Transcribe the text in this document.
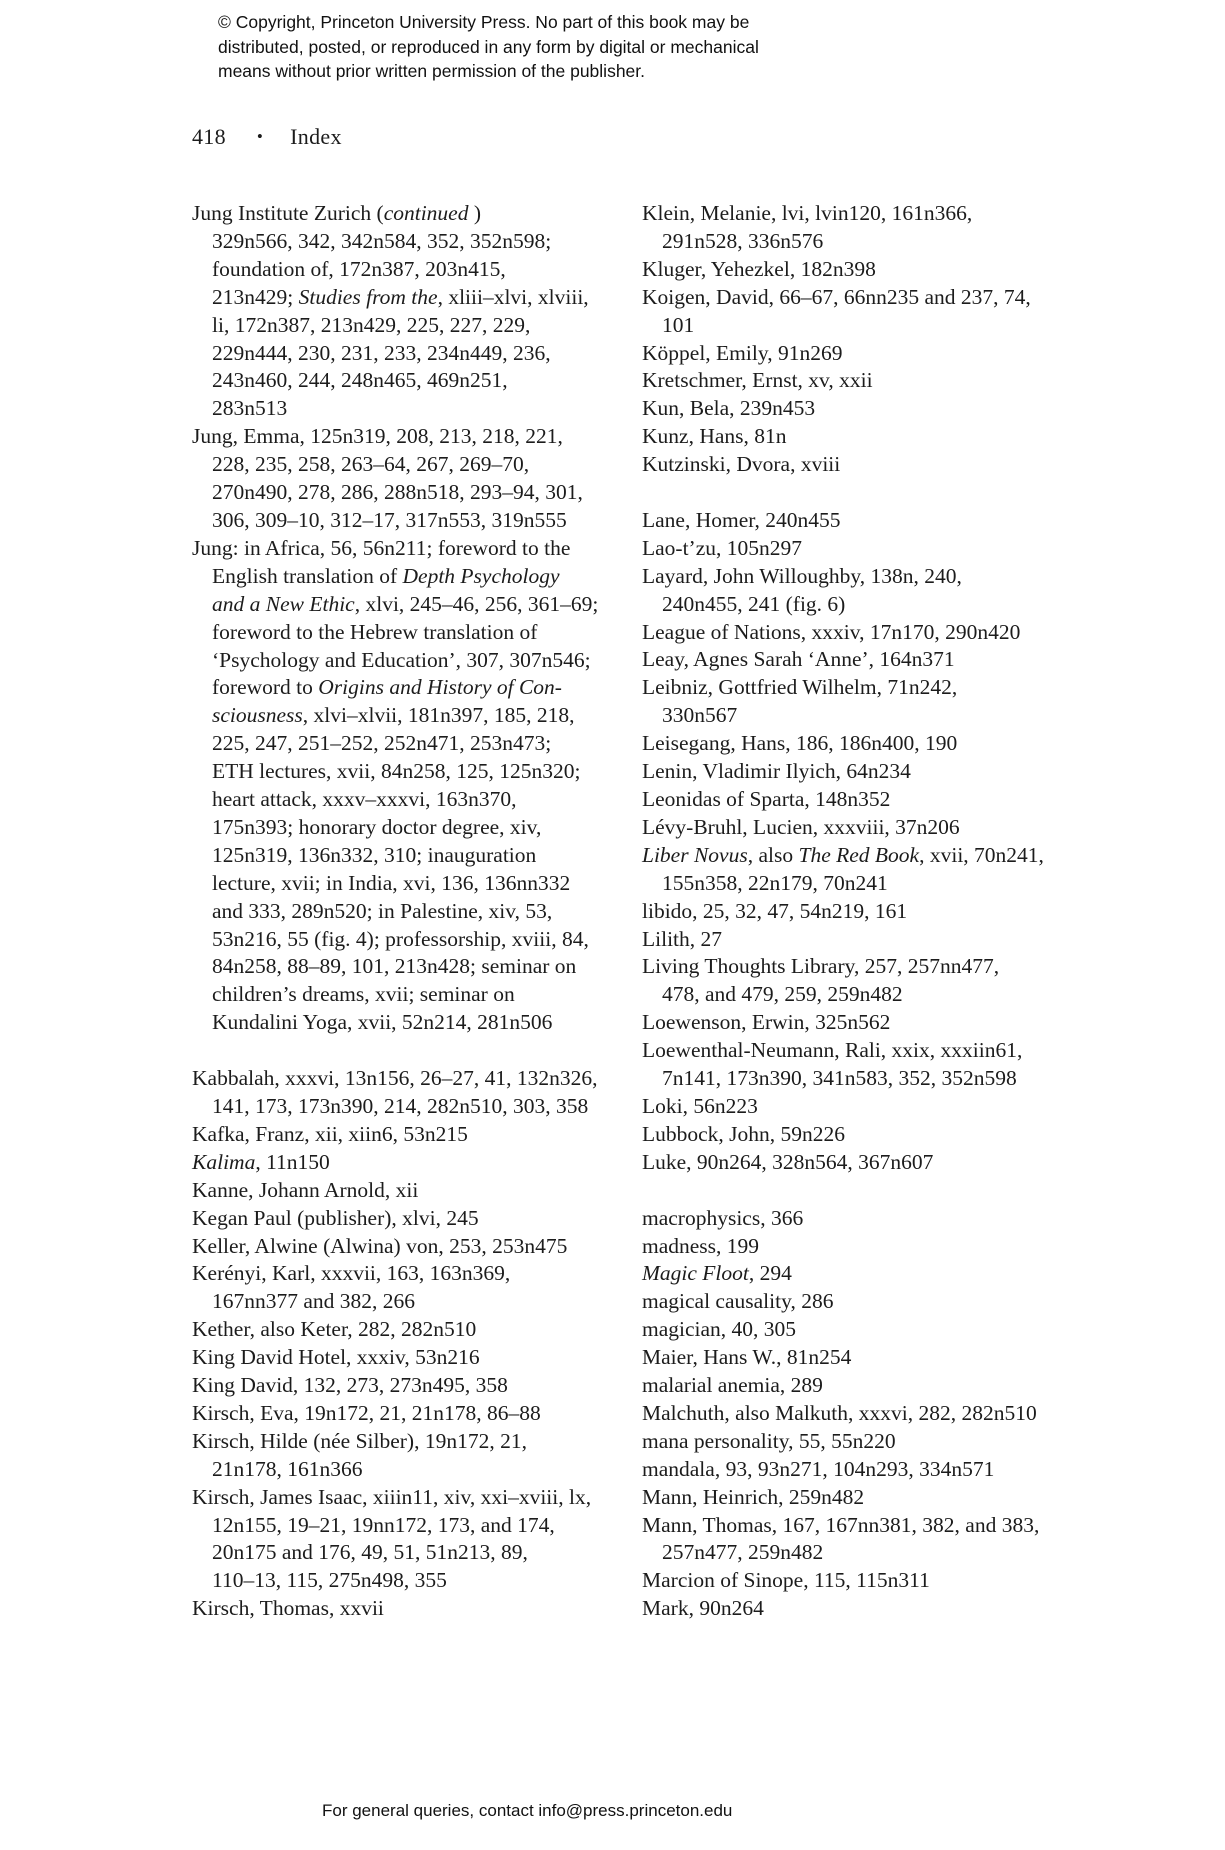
© Copyright, Princeton University Press. No part of this book may be
distributed, posted, or reproduced in any form by digital or mechanical
means without prior written permission of the publisher.
418 • Index
Jung Institute Zurich (continued )
329n566, 342, 342n584, 352, 352n598;
foundation of, 172n387, 203n415,
213n429; Studies from the, xliii–xlvi, xlviii,
li, 172n387, 213n429, 225, 227, 229,
229n444, 230, 231, 233, 234n449, 236,
243n460, 244, 248n465, 469n251,
283n513
Jung, Emma, 125n319, 208, 213, 218, 221,
228, 235, 258, 263–64, 267, 269–70,
270n490, 278, 286, 288n518, 293–94, 301,
306, 309–10, 312–17, 317n553, 319n555
Jung: in Africa, 56, 56n211; foreword to the
English translation of Depth Psychology
and a New Ethic, xlvi, 245–46, 256, 361–69;
foreword to the Hebrew translation of
‘Psychology and Education’, 307, 307n546;
foreword to Origins and History of Con-
sciousness, xlvi–xlvii, 181n397, 185, 218,
225, 247, 251–252, 252n471, 253n473;
ETH lectures, xvii, 84n258, 125, 125n320;
heart attack, xxxv–xxxvi, 163n370,
175n393; honorary doctor degree, xiv,
125n319, 136n332, 310; inauguration
lecture, xvii; in India, xvi, 136, 136nn332
and 333, 289n520; in Palestine, xiv, 53,
53n216, 55 (fig. 4); professorship, xviii, 84,
84n258, 88–89, 101, 213n428; seminar on
children’s dreams, xvii; seminar on
Kundalini Yoga, xvii, 52n214, 281n506
Kabbalah, xxxvi, 13n156, 26–27, 41, 132n326,
141, 173, 173n390, 214, 282n510, 303, 358
Kafka, Franz, xii, xiin6, 53n215
Kalima, 11n150
Kanne, Johann Arnold, xii
Kegan Paul (publisher), xlvi, 245
Keller, Alwine (Alwina) von, 253, 253n475
Kerényi, Karl, xxxvii, 163, 163n369,
167nn377 and 382, 266
Kether, also Keter, 282, 282n510
King David Hotel, xxxiv, 53n216
King David, 132, 273, 273n495, 358
Kirsch, Eva, 19n172, 21, 21n178, 86–88
Kirsch, Hilde (née Silber), 19n172, 21,
21n178, 161n366
Kirsch, James Isaac, xiiin11, xiv, xxi–xviii, lx,
12n155, 19–21, 19nn172, 173, and 174,
20n175 and 176, 49, 51, 51n213, 89,
110–13, 115, 275n498, 355
Kirsch, Thomas, xxvii
Klein, Melanie, lvi, lvin120, 161n366,
291n528, 336n576
Kluger, Yehezkel, 182n398
Koigen, David, 66–67, 66nn235 and 237, 74,
101
Köppel, Emily, 91n269
Kretschmer, Ernst, xv, xxii
Kun, Bela, 239n453
Kunz, Hans, 81n
Kutzinski, Dvora, xviii
Lane, Homer, 240n455
Lao-t’zu, 105n297
Layard, John Willoughby, 138n, 240,
240n455, 241 (fig. 6)
League of Nations, xxxiv, 17n170, 290n420
Leay, Agnes Sarah ‘Anne’, 164n371
Leibniz, Gottfried Wilhelm, 71n242,
330n567
Leisegang, Hans, 186, 186n400, 190
Lenin, Vladimir Ilyich, 64n234
Leonidas of Sparta, 148n352
Lévy-Bruhl, Lucien, xxxviii, 37n206
Liber Novus, also The Red Book, xvii, 70n241,
155n358, 22n179, 70n241
libido, 25, 32, 47, 54n219, 161
Lilith, 27
Living Thoughts Library, 257, 257nn477,
478, and 479, 259, 259n482
Loewenson, Erwin, 325n562
Loewenthal-Neumann, Rali, xxix, xxxiin61,
7n141, 173n390, 341n583, 352, 352n598
Loki, 56n223
Lubbock, John, 59n226
Luke, 90n264, 328n564, 367n607
macrophysics, 366
madness, 199
Magic Floot, 294
magical causality, 286
magician, 40, 305
Maier, Hans W., 81n254
malarial anemia, 289
Malchuth, also Malkuth, xxxvi, 282, 282n510
mana personality, 55, 55n220
mandala, 93, 93n271, 104n293, 334n571
Mann, Heinrich, 259n482
Mann, Thomas, 167, 167nn381, 382, and 383,
257n477, 259n482
Marcion of Sinope, 115, 115n311
Mark, 90n264
For general queries, contact info@press.princeton.edu
